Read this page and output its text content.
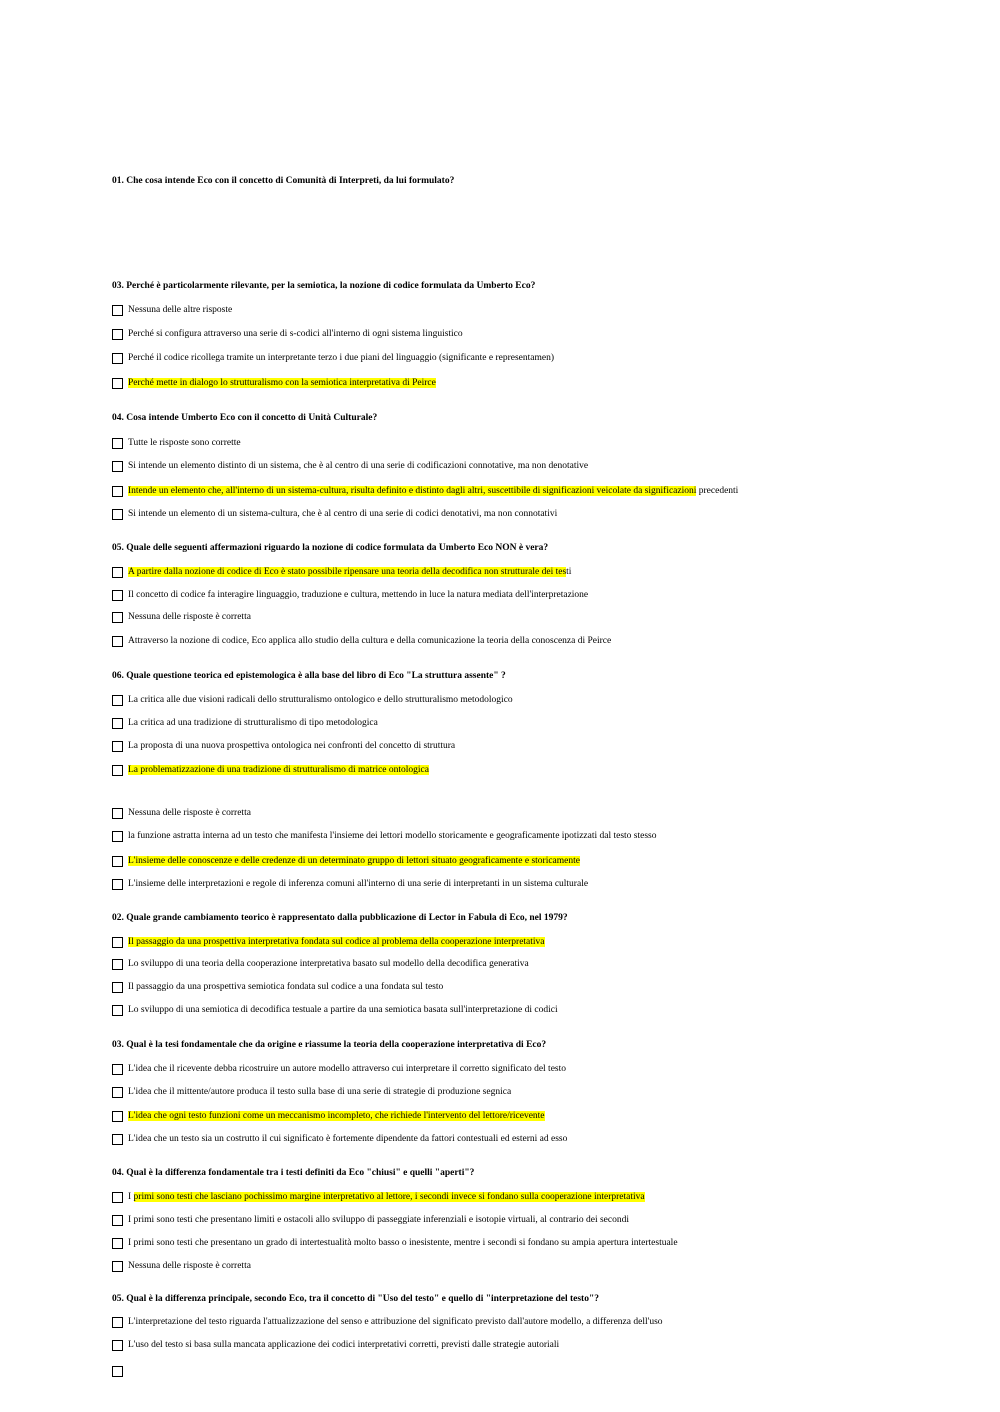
01. Che cosa intende Eco con il concetto di Comunità di Interpreti, da lui formulato?
03. Perché è particolarmente rilevante, per la semiotica, la nozione di codice formulata da Umberto Eco?
Nessuna delle altre risposte
Perché si configura attraverso una serie di s-codici all'interno di ogni sistema linguistico
Perché il codice ricollega tramite un interpretante terzo i due piani del linguaggio (significante e representamen)
Perché mette in dialogo lo strutturalismo con la semiotica interpretativa di Peirce
04. Cosa intende Umberto Eco con il concetto di Unità Culturale?
Tutte le risposte sono corrette
Si intende un elemento distinto di un sistema, che è al centro di una serie di codificazioni connotative, ma non denotative
Intende un elemento che, all'interno di un sistema-cultura, risulta definito e distinto dagli altri, suscettibile di significazioni veicolate da significazioni precedenti
Si intende un elemento di un sistema-cultura, che è al centro di una serie di codici denotativi, ma non connotativi
05. Quale delle seguenti affermazioni riguardo la nozione di codice formulata da Umberto Eco NON è vera?
A partire dalla nozione di codice di Eco è stato possibile ripensare una teoria della decodifica non strutturale dei testi
Il concetto di codice fa interagire linguaggio, traduzione e cultura, mettendo in luce la natura mediata dell'interpretazione
Nessuna delle risposte è corretta
Attraverso la nozione di codice, Eco applica allo studio della cultura e della comunicazione la teoria della conoscenza di Peirce
06. Quale questione teorica ed epistemologica è alla base del libro di Eco "La struttura assente" ?
La critica alle due visioni radicali dello strutturalismo ontologico e dello strutturalismo metodologico
La critica ad una tradizione di strutturalismo di tipo metodologica
La proposta di una nuova prospettiva ontologica nei confronti del concetto di struttura
La problematizzazione di una tradizione di strutturalismo di matrice ontologica
Nessuna delle risposte è corretta
la funzione astratta interna ad un testo che manifesta l'insieme dei lettori modello storicamente e geograficamente ipotizzati dal testo stesso
L'insieme delle conoscenze e delle credenze di un determinato gruppo di lettori situato geograficamente e storicamente
L'insieme delle interpretazioni e regole di inferenza comuni all'interno di una serie di interpretanti in un sistema culturale
02. Quale grande cambiamento teorico è rappresentato dalla pubblicazione di Lector in Fabula di Eco, nel 1979?
Il passaggio da una prospettiva interpretativa fondata sul codice al problema della cooperazione interpretativa
Lo sviluppo di una teoria della cooperazione interpretativa basato sul modello della decodifica generativa
Il passaggio da una prospettiva semiotica fondata sul codice a una fondata sul testo
Lo sviluppo di una semiotica di decodifica testuale a partire da una semiotica basata sull'interpretazione di codici
03. Qual è la tesi fondamentale che da origine e riassume la teoria della cooperazione interpretativa di Eco?
L'idea che il ricevente debba ricostruire un autore modello attraverso cui interpretare il corretto significato del testo
L'idea che il mittente/autore produca il testo sulla base di una serie di strategie di produzione segnica
L'idea che ogni testo funzioni come un meccanismo incompleto, che richiede l'intervento del lettore/ricevente
L'idea che un testo sia un costrutto il cui significato è fortemente dipendente da fattori contestuali ed esterni ad esso
04. Qual è la differenza fondamentale tra i testi definiti da Eco "chiusi" e quelli "aperti"?
I primi sono testi che lasciano pochissimo margine interpretativo al lettore, i secondi invece si fondano sulla cooperazione interpretativa
I primi sono testi che presentano limiti e ostacoli allo sviluppo di passeggiate inferenziali e isotopie virtuali, al contrario dei secondi
I primi sono testi che presentano un grado di intertestualità molto basso o inesistente, mentre i secondi si fondano su ampia apertura intertestuale
Nessuna delle risposte è corretta
05. Qual è la differenza principale, secondo Eco, tra il concetto di "Uso del testo" e quello di "interpretazione del testo"?
L'interpretazione del testo riguarda l'attualizzazione del senso e attribuzione del significato previsto dall'autore modello, a differenza dell'uso
L'uso del testo si basa sulla mancata applicazione dei codici interpretativi corretti, previsti dalle strategie autoriali
